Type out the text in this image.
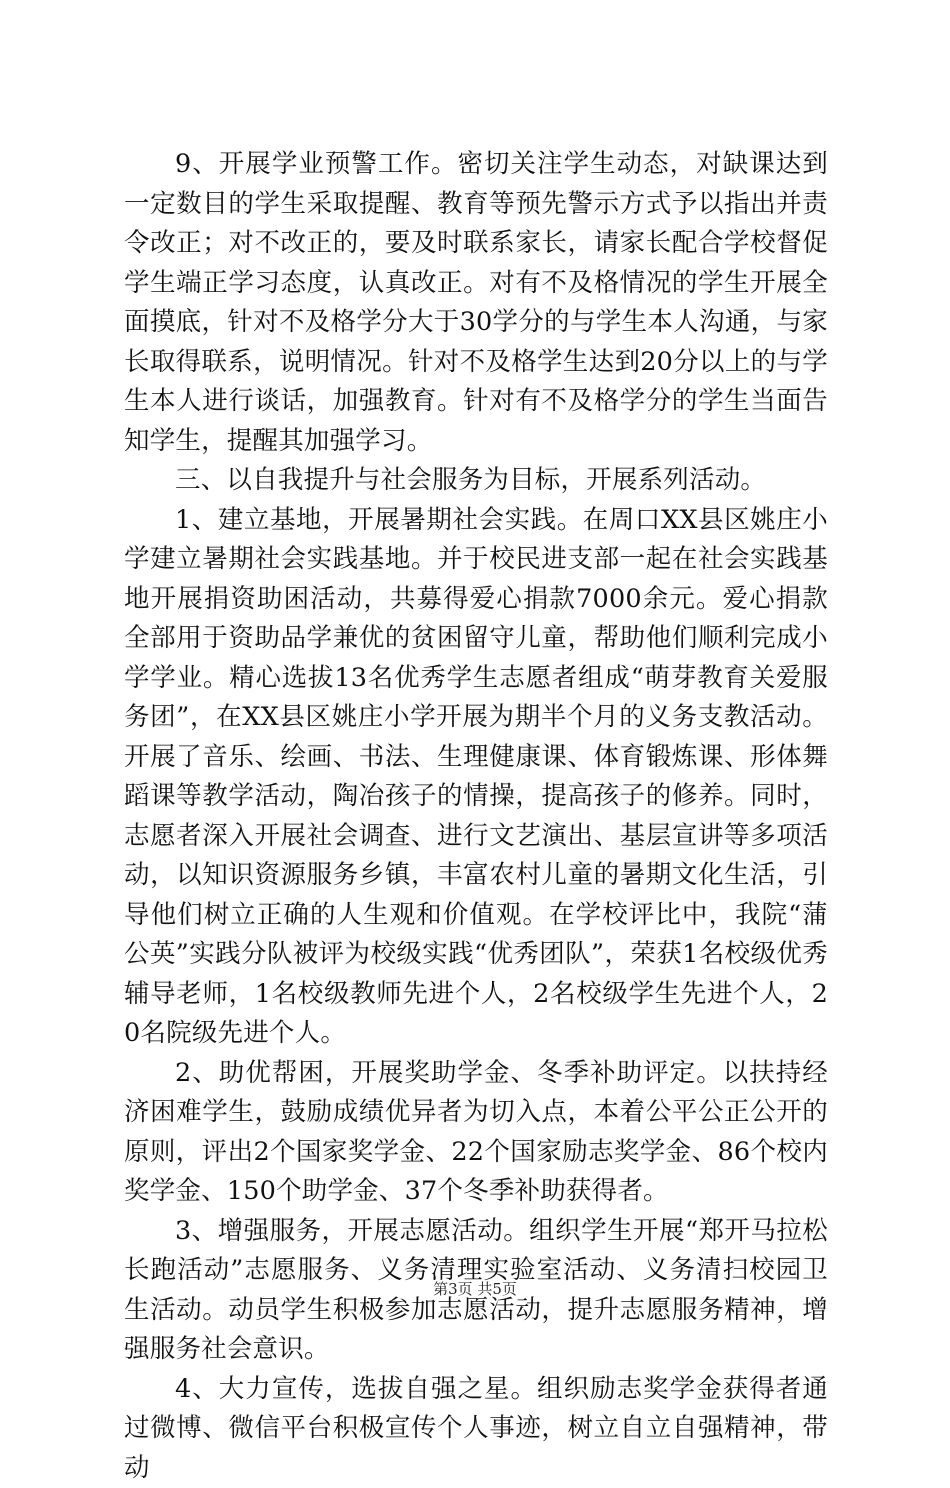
9、开展学业预警工作。密切关注学生动态，对缺课达到一定数目的学生采取提醒、教育等预先警示方式予以指出并责令改正；对不改正的，要及时联系家长，请家长配合学校督促学生端正学习态度，认真改正。对有不及格情况的学生开展全面摸底，针对不及格学分大于30学分的与学生本人沟通，与家长取得联系，说明情况。针对不及格学生达到20分以上的与学生本人进行谈话，加强教育。针对有不及格学分的学生当面告知学生，提醒其加强学习。

三、以自我提升与社会服务为目标，开展系列活动。

1、建立基地，开展暑期社会实践。在周口XX县区姚庄小学建立暑期社会实践基地。并于校民进支部一起在社会实践基地开展捐资助困活动，共募得爱心捐款7000余元。爱心捐款全部用于资助品学兼优的贫困留守儿童，帮助他们顺利完成小学学业。精心选拔13名优秀学生志愿者组成“萌芽教育关爱服务团”，在XX县区姚庄小学开展为期半个月的义务支教活动。开展了音乐、绘画、书法、生理健康课、体育锻炼课、形体舞蹈课等教学活动，陶冶孩子的情操，提高孩子的修养。同时，志愿者深入开展社会调查、进行文艺演出、基层宣讲等多项活动，以知识资源服务乡镇，丰富农村儿童的暑期文化生活，引导他们树立正确的人生观和价值观。在学校评比中，我院“蒲公英”实践分队被评为校级实践“优秀团队”，荣获1名校级优秀辅导老师，1名校级教师先进个人，2名校级学生先进个人，20名院级先进个人。

2、助优帮困，开展奖助学金、冬季补助评定。以扶持经济困难学生，鼓励成绩优异者为切入点，本着公平公正公开的原则，评出2个国家奖学金、22个国家励志奖学金、86个校内奖学金、150个助学金、37个冬季补助获得者。

3、增强服务，开展志愿活动。组织学生开展“郑开马拉松长跑活动”志愿服务、义务清理实验室活动、义务清扫校园卫生活动。动员学生积极参加志愿活动，提升志愿服务精神，增强服务社会意识。

4、大力宣传，选拔自强之星。组织励志奖学金获得者通过微博、微信平台积极宣传个人事迹，树立自立自强精神，带动

第3页 共5页
